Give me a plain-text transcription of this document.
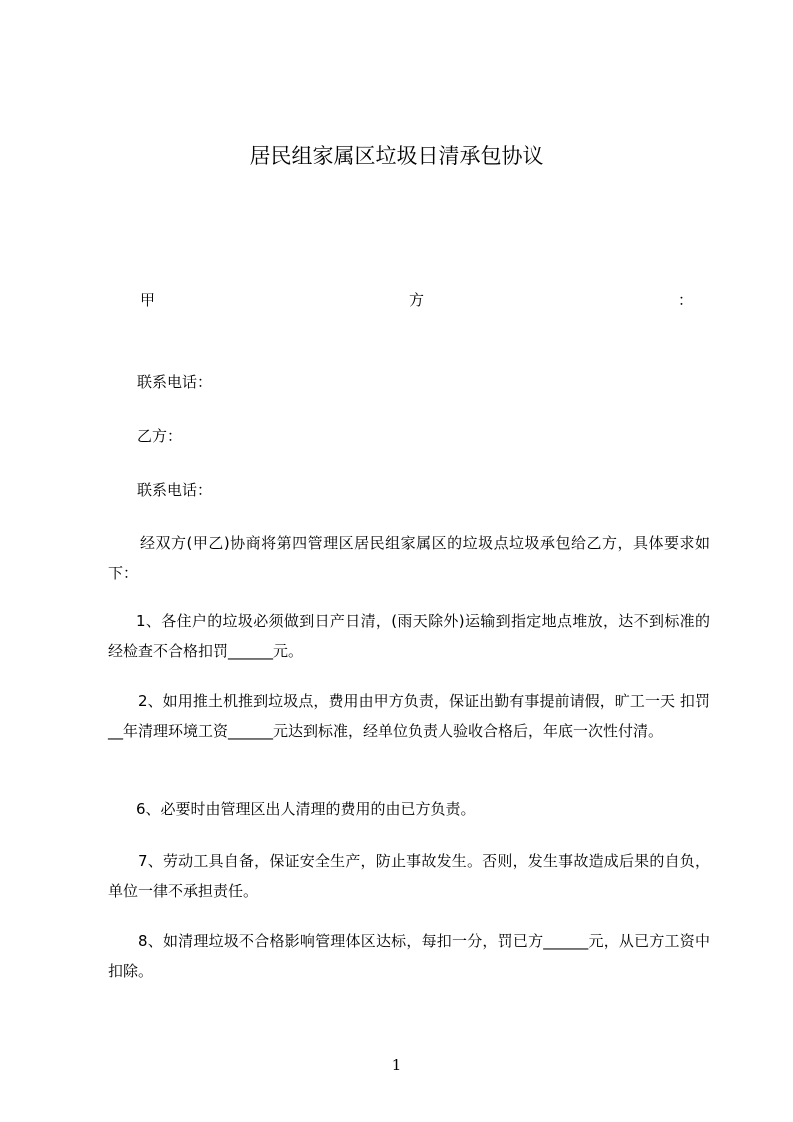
居民组家属区垃圾日清承包协议
甲	方	：
联系电话：
乙方：
联系电话：
经双方(甲乙)协商将第四管理区居民组家属区的垃圾点垃圾承包给乙方，具体要求如下：
1、各住户的垃圾必须做到日产日清，(雨天除外)运输到指定地点堆放，达不到标准的经检查不合格扣罚______元。
2、如用推土机推到垃圾点，费用由甲方负责，保证出勤有事提前请假，旷工一天 扣罚__年清理环境工资______元达到标准，经单位负责人验收合格后，年底一次性付清。
6、必要时由管理区出人清理的费用的由已方负责。
7、劳动工具自备，保证安全生产，防止事故发生。否则，发生事故造成后果的自负，单位一律不承担责任。
8、如清理垃圾不合格影响管理体区达标，每扣一分，罚已方______元，从已方工资中扣除。
1
